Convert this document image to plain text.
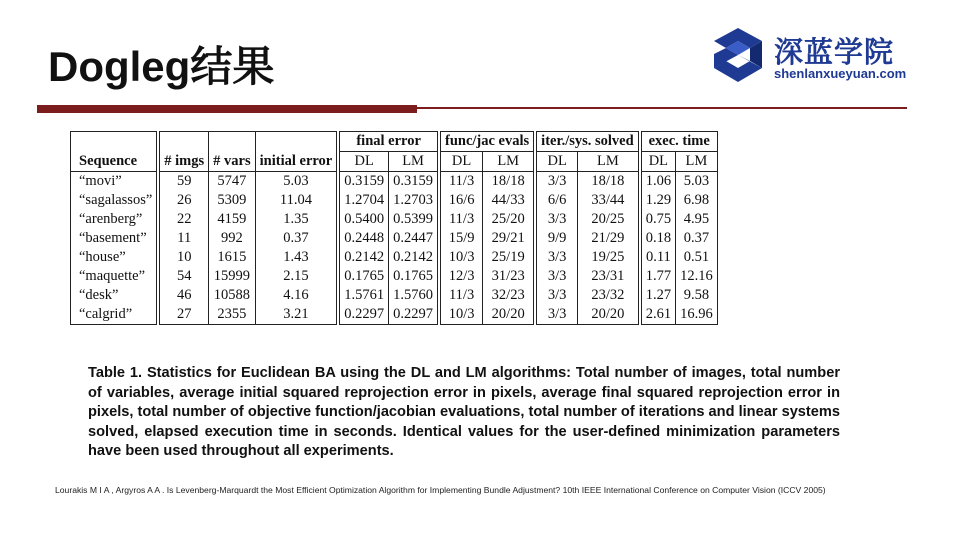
Dogleg结果	深蓝学院
shenlanxueyuan.com
				final error		func/jac evals		iter./sys. solved		exec. time	
Sequence	# imgs	# vars	initial error	DL	LM	DL	LM	DL	LM	DL	LM
“movi”	59	5747	5.03	0.3159	0.3159	11/3	18/18	3/3	18/18	1.06	5.03
“sagalassos”	26	5309	11.04	1.2704	1.2703	16/6	44/33	6/6	33/44	1.29	6.98
“arenberg”	22	4159	1.35	0.5400	0.5399	11/3	25/20	3/3	20/25	0.75	4.95
“basement”	11	992	0.37	0.2448	0.2447	15/9	29/21	9/9	21/29	0.18	0.37
“house”	10	1615	1.43	0.2142	0.2142	10/3	25/19	3/3	19/25	0.11	0.51
“maquette”	54	15999	2.15	0.1765	0.1765	12/3	31/23	3/3	23/31	1.77	12.16
“desk”	46	10588	4.16	1.5761	1.5760	11/3	32/23	3/3	23/32	1.27	9.58
“calgrid”	27	2355	3.21	0.2297	0.2297	10/3	20/20	3/3	20/20	2.61	16.96
Table 1. Statistics for Euclidean BA using the DL and LM algorithms: Total number of images, total number of variables, average initial squared reprojection error in pixels, average final squared reprojection error in pixels, total number of objective function/jacobian evaluations, total number of iterations and linear systems solved, elapsed execution time in seconds. Identical values for the user-defined minimization parameters have been used throughout all experiments.
Lourakis M I A , Argyros A A . Is Levenberg-Marquardt the Most Efficient Optimization Algorithm for Implementing Bundle Adjustment? 10th IEEE International Conference on Computer Vision (ICCV 2005)
